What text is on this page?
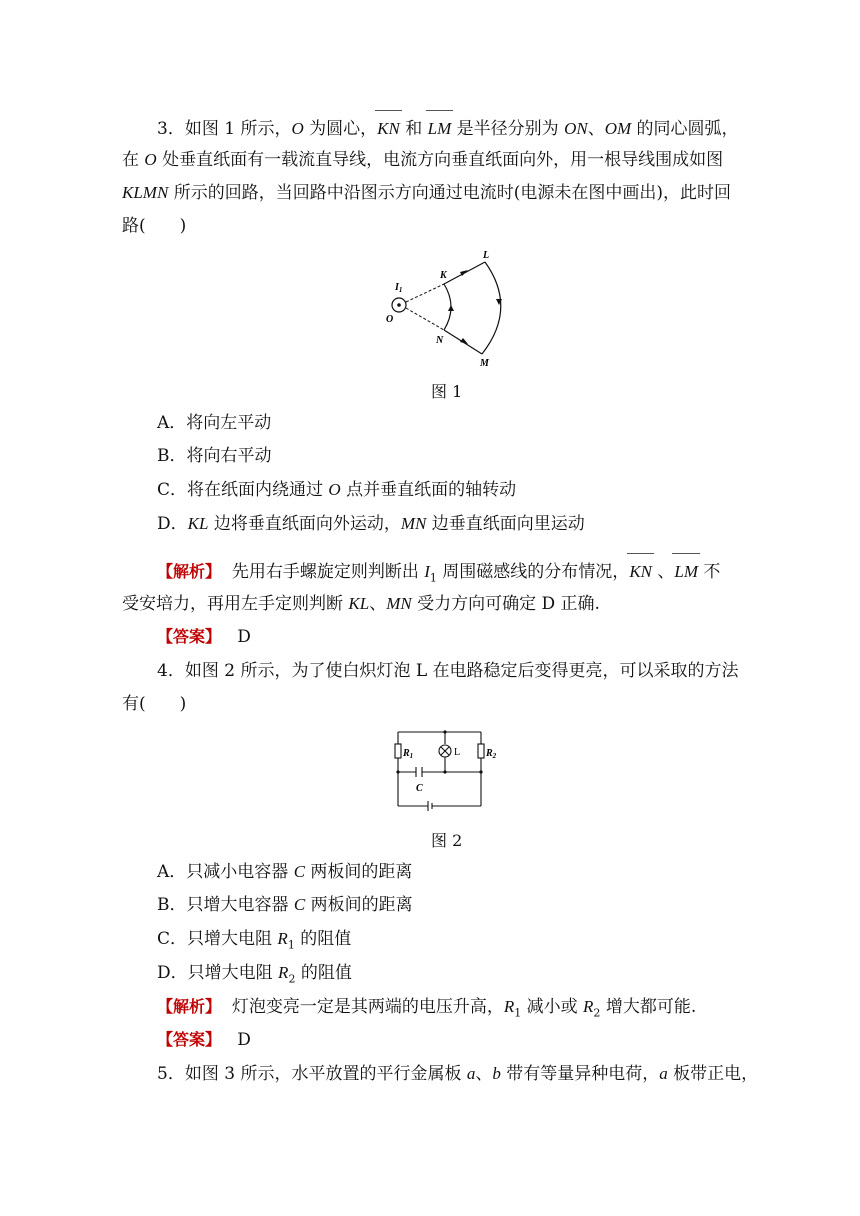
3．如图 1 所示，O 为圆心，KN 和 LM 是半径分别为 ON、OM 的同心圆弧，
在 O 处垂直纸面有一载流直导线，电流方向垂直纸面向外，用一根导线围成如图
KLMN 所示的回路，当回路中沿图示方向通过电流时(电源未在图中画出)，此时回
路(　　)
$I_1$
O
K
L
N
M
图 1
A．将向左平动
B．将向右平动
C．将在纸面内绕通过 O 点并垂直纸面的轴转动
D．KL 边将垂直纸面向外运动，MN 边垂直纸面向里运动
【解析】 先用右手螺旋定则判断出 $I_1$ 周围磁感线的分布情况，KN 、LM 不
受安培力，再用左手定则判断 KL、MN 受力方向可确定 D 正确.
【答案】 D
4．如图 2 所示，为了使白炽灯泡 L 在电路稳定后变得更亮，可以采取的方法
有(　　)
$R_1$	$R_2$
L
C
图 2
A．只减小电容器 C 两板间的距离
B．只增大电容器 C 两板间的距离
C．只增大电阻 $R_1$ 的阻值
D．只增大电阻 $R_2$ 的阻值
【解析】 灯泡变亮一定是其两端的电压升高，$R_1$ 减小或 $R_2$ 增大都可能.
【答案】 D
5．如图 3 所示，水平放置的平行金属板 a、b 带有等量异种电荷，a 板带正电，
